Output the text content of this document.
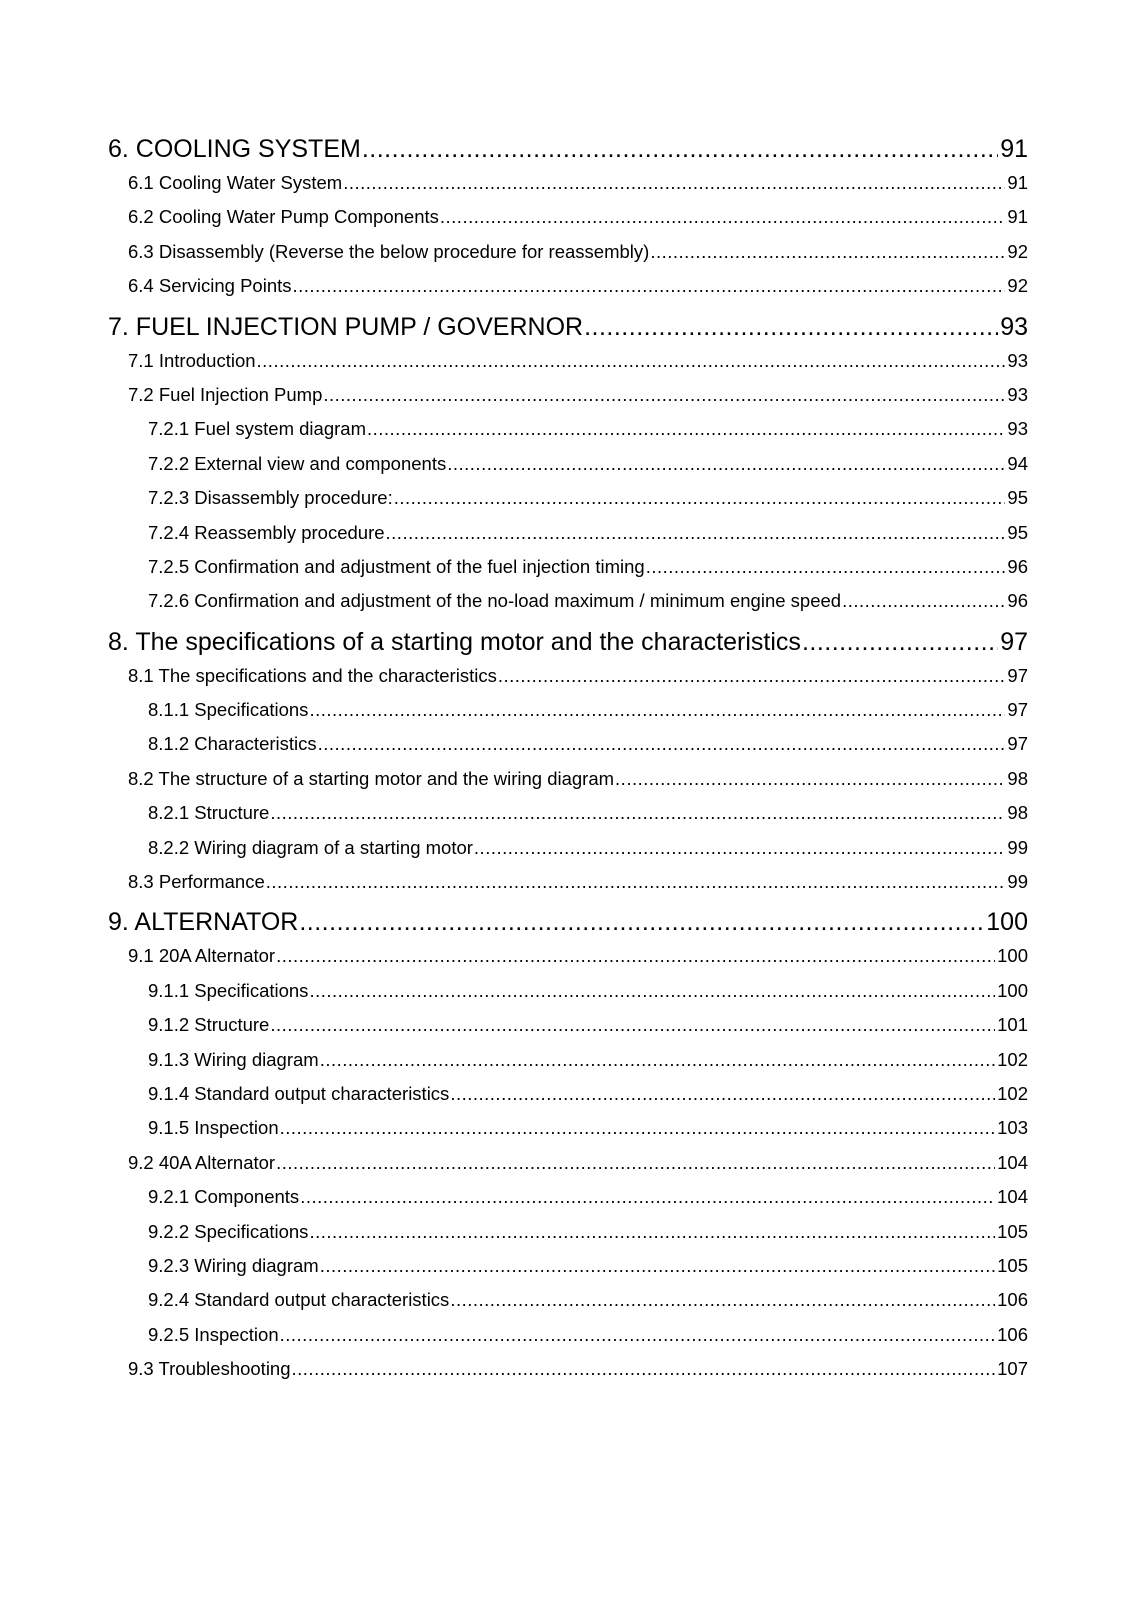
6. COOLING SYSTEM .....	91
6.1 Cooling Water System .....	91
6.2 Cooling Water Pump Components .....	91
6.3 Disassembly (Reverse the below procedure for reassembly) .....	92
6.4 Servicing Points .....	92
7. FUEL INJECTION PUMP / GOVERNOR .....	93
7.1 Introduction .....	93
7.2 Fuel Injection Pump .....	93
7.2.1 Fuel system diagram .....	93
7.2.2 External view and components .....	94
7.2.3 Disassembly procedure: .....	95
7.2.4 Reassembly procedure .....	95
7.2.5 Confirmation and adjustment of the fuel injection timing .....	96
7.2.6 Confirmation and adjustment of the no-load maximum / minimum engine speed .....	96
8. The specifications of a starting motor and the characteristics .....	97
8.1 The specifications and the characteristics .....	97
8.1.1 Specifications .....	97
8.1.2 Characteristics .....	97
8.2 The structure of a starting motor and the wiring diagram .....	98
8.2.1 Structure .....	98
8.2.2 Wiring diagram of a starting motor .....	99
8.3 Performance .....	99
9. ALTERNATOR .....	100
9.1 20A Alternator .....	100
9.1.1 Specifications .....	100
9.1.2 Structure .....	101
9.1.3 Wiring diagram .....	102
9.1.4 Standard output characteristics .....	102
9.1.5 Inspection .....	103
9.2 40A Alternator .....	104
9.2.1 Components .....	104
9.2.2 Specifications .....	105
9.2.3 Wiring diagram .....	105
9.2.4 Standard output characteristics .....	106
9.2.5 Inspection .....	106
9.3 Troubleshooting .....	107
